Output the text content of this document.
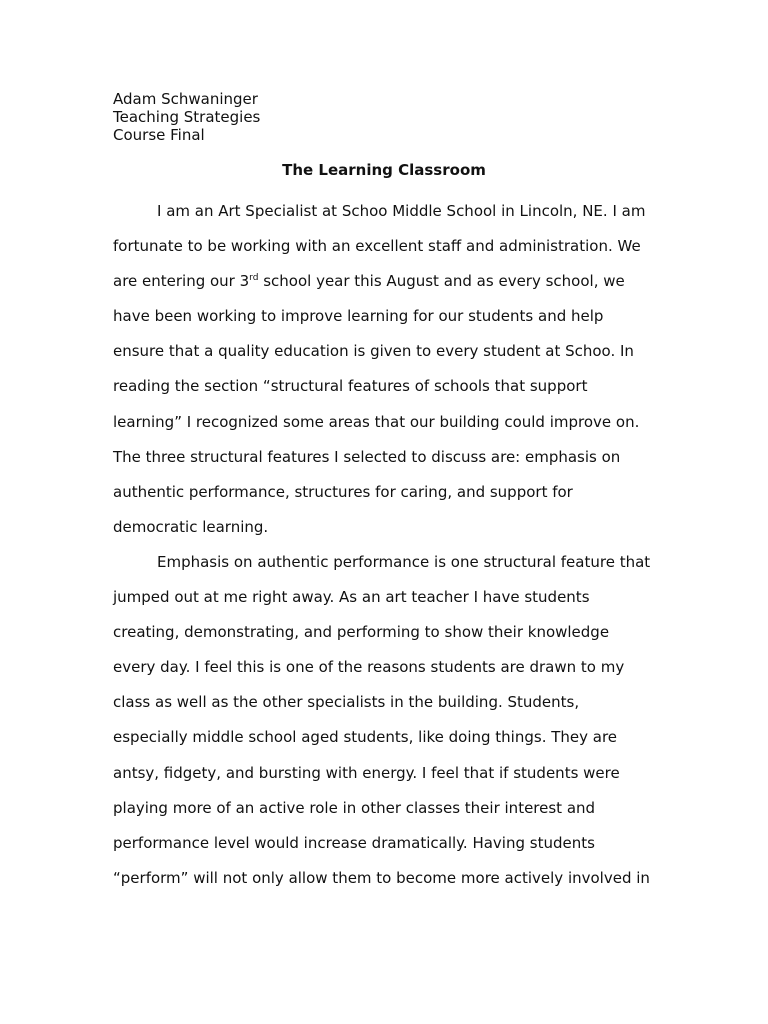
Adam Schwaninger
Teaching Strategies
Course Final
The Learning Classroom
I am an Art Specialist at Schoo Middle School in Lincoln, NE. I am
fortunate to be working with an excellent staff and administration. We
are entering our 3rd school year this August and as every school, we
have been working to improve learning for our students and help
ensure that a quality education is given to every student at Schoo. In
reading the section “structural features of schools that support
learning” I recognized some areas that our building could improve on.
The three structural features I selected to discuss are: emphasis on
authentic performance, structures for caring, and support for
democratic learning.
Emphasis on authentic performance is one structural feature that
jumped out at me right away. As an art teacher I have students
creating, demonstrating, and performing to show their knowledge
every day. I feel this is one of the reasons students are drawn to my
class as well as the other specialists in the building. Students,
especially middle school aged students, like doing things. They are
antsy, fidgety, and bursting with energy. I feel that if students were
playing more of an active role in other classes their interest and
performance level would increase dramatically. Having students
“perform” will not only allow them to become more actively involved in
